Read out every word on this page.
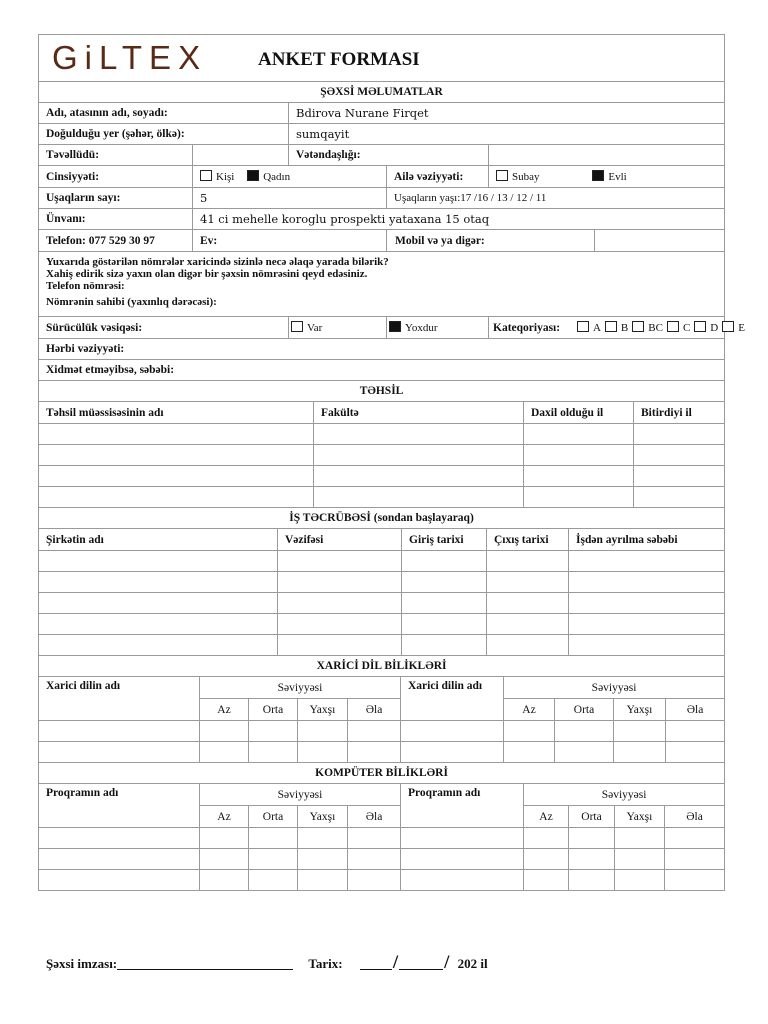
GiLTEX ANKET FORMASI					
ŞƏXSİ MƏLUMATLAR					
Adı, atasının adı, soyadı:		Bdirova Nurane Firqet			
Doğulduğu yer (şəhər, ölkə):		sumqayit			
Təvəllüdü:		Vətəndaşlığı:			
Cinsiyyəti:	Kişi Qadın		Ailə vəziyyəti:	Subay Evli	
Uşaqların sayı:	5		Uşaqların yaşı:17 /16 / 13 / 12 / 11		
Ünvanı:	41 ci mehelle koroglu prospekti yataxana 15 otaq				
Telefon: 077 529 30 97	Ev:		Mobil və ya digər:		

Yuxarıda göstərilən nömrələr xaricində sizinlə necə əlaqə yaradа bilərik?
Xahiş edirik sizə yaxın olan digər bir şəxsin nömrəsini qeyd edəsiniz.
Telefon nömrəsi:
Nömrənin sahibi (yaxınlıq dərəcəsi):					

Sürücülük vəsiqəsi:		Var	Yoxdur	Kateqoriyası: A B BC C D E	
Hərbi vəziyyəti:					
Xidmət etməyibsə, səbəbi:					
TƏHSİL			
Təhsil müəssisəsinin adı	Fakültə	Daxil olduğu il	Bitirdiyi il

İŞ TƏCRÜBƏSİ (sondan başlayaraq)				
Şirkətin adı	Vəzifəsi	Giriş tarixi	Çıxış tarixi	İşdən ayrılma səbəbi

XARİCİ DİL BİLİKLƏRİ									
Xarici dilin adı	Səviyyəsi				Xarici dilin adı	Səviyyəsi			
	Az	Orta	Yaxşı	Əla		Az	Orta	Yaxşı	Əla

KOMPÜTER BİLİKLƏRİ									
Proqramın adı	Səviyyəsi				Proqramın adı	Səviyyəsi			
	Az	Orta	Yaxşı	Əla		Az	Orta	Yaxşı	Əla

Şəxsi imzası:	Tarix:	/ / 202 il
